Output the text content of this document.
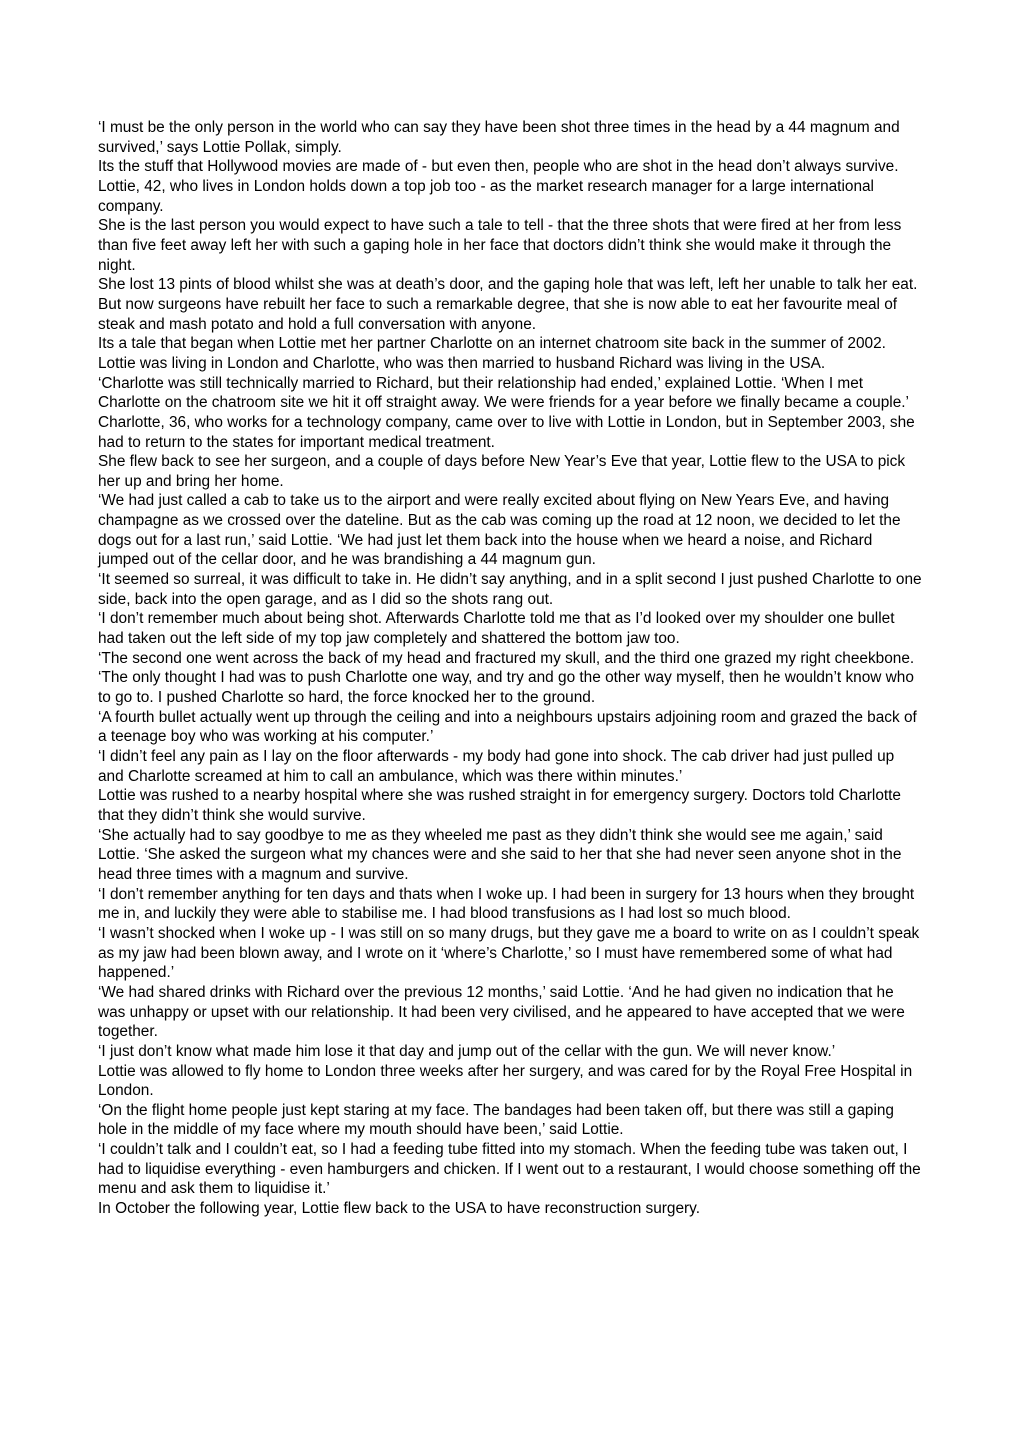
‘I must be the only person in the world who can say they have been shot three times in the head by a 44 magnum and survived,’ says Lottie Pollak, simply.

Its the stuff that Hollywood movies are made of - but even then, people who are shot in the head don’t always survive.

Lottie, 42, who lives in London holds down a top job too - as the market research manager for a large international company.

She is the last person you would expect to have such a tale to tell - that the three shots that were fired at her from less than five feet away left her with such a gaping hole in her face that doctors didn’t think she would make it through the night.

She lost 13 pints of blood whilst she was at death’s door, and the gaping hole that was left, left her unable to talk her eat.

But now surgeons have rebuilt her face to such a remarkable degree, that she is now able to eat her favourite meal of steak and mash potato and hold a full conversation with anyone.

Its a tale that began when Lottie met her partner Charlotte on an internet chatroom site back in the summer of 2002.

Lottie was living in London and Charlotte, who was then married to husband Richard was living in the USA.

‘Charlotte was still technically married to Richard, but their relationship had ended,’ explained Lottie. ‘When I met Charlotte on the chatroom site we hit it off straight away. We were friends for a year before we finally became a couple.’

Charlotte, 36, who works for a technology company, came over to live with Lottie in London, but in September 2003, she had to return to the states for important medical treatment.

She flew back to see her surgeon, and a couple of days before New Year’s Eve that year, Lottie flew to the USA to pick her up and bring her home.

‘We had just called a cab to take us to the airport and were really excited about flying on New Years Eve, and having champagne as we crossed over the dateline. But as the cab was coming up the road at 12 noon, we decided to let the dogs out for a last run,’ said Lottie. ‘We had just let them back into the house when we heard a noise, and Richard jumped out of the cellar door, and he was brandishing a 44 magnum gun.

‘It seemed so surreal, it was difficult to take in. He didn’t say anything, and in a split second I just pushed Charlotte to one side, back into the open garage, and as I did so the shots rang out.

‘I don’t remember much about being shot. Afterwards Charlotte told me that as I’d looked over my shoulder one bullet had taken out the left side of my top jaw completely and shattered the bottom jaw too.

‘The second one went across the back of my head and fractured my skull, and the third one grazed my right cheekbone.

‘The only thought I had was to push Charlotte one way, and try and go the other way myself, then he wouldn’t know who to go to. I pushed Charlotte so hard, the force knocked her to the ground.

‘A fourth bullet actually went up through the ceiling and into a neighbours upstairs adjoining room and grazed the back of a teenage boy who was working at his computer.’

‘I didn’t feel any pain as I lay on the floor afterwards - my body had gone into shock. The cab driver had just pulled up and Charlotte screamed at him to call an ambulance, which was there within minutes.’

Lottie was rushed to a nearby hospital where she was rushed straight in for emergency surgery. Doctors told Charlotte that they didn’t think she would survive.

‘She actually had to say goodbye to me as they wheeled me past as they didn’t think she would see me again,’ said Lottie. ‘She asked the surgeon what my chances were and she said to her that she had never seen anyone shot in the head three times with a magnum and survive.

‘I don’t remember anything for ten days and thats when I woke up. I had been in surgery for 13 hours when they brought me in, and luckily they were able to stabilise me. I had blood transfusions as I had lost so much blood.

‘I wasn’t shocked when I woke up - I was still on so many drugs, but they gave me a board to write on as I couldn’t speak as my jaw had been blown away, and I wrote on it ‘where’s Charlotte,’ so I must have remembered some of what had happened.’

‘We had shared drinks with Richard over the previous 12 months,’ said Lottie. ‘And he had given no indication that he was unhappy or upset with our relationship. It had been very civilised, and he appeared to have accepted that we were together.

‘I just don’t know what made him lose it that day and jump out of the cellar with the gun. We will never know.’

Lottie was allowed to fly home to London three weeks after her surgery, and was cared for by the Royal Free Hospital in London.

‘On the flight home people just kept staring at my face. The bandages had been taken off, but there was still a gaping hole in the middle of my face where my mouth should have been,’ said Lottie.

‘I couldn’t talk and I couldn’t eat, so I had a feeding tube fitted into my stomach. When the feeding tube was taken out, I had to liquidise everything - even hamburgers and chicken. If I went out to a restaurant, I would choose something off the menu and ask them to liquidise it.’

In October the following year, Lottie flew back to the USA to have reconstruction surgery.
